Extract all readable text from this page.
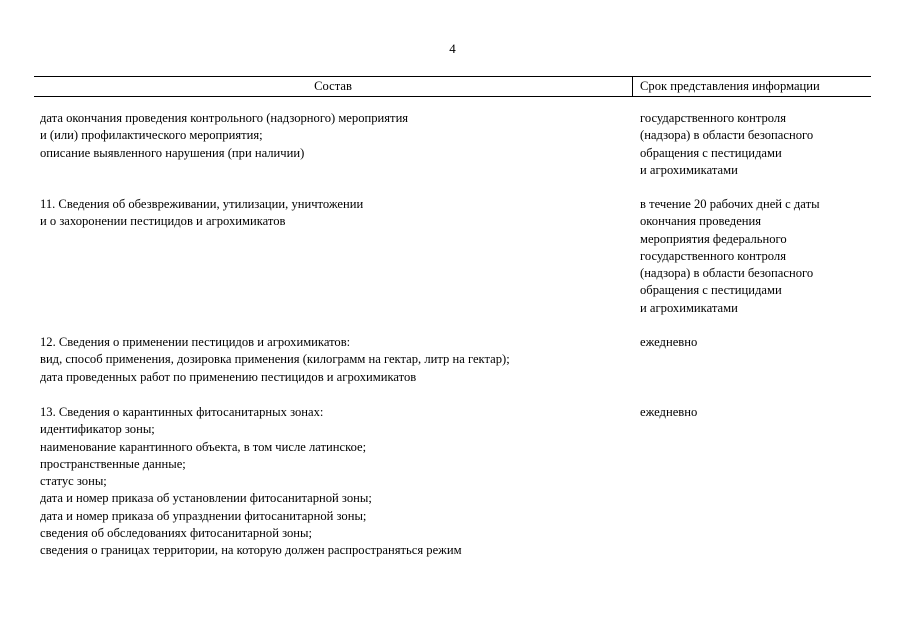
4
Состав	Срок представления информации
дата окончания проведения контрольного (надзорного) мероприятия
и (или) профилактического мероприятия;
описание выявленного нарушения (при наличии)
государственного контроля
(надзора) в области безопасного
обращения с пестицидами
и агрохимикатами
11. Сведения об обезвреживании, утилизации, уничтожении
и о захоронении пестицидов и агрохимикатов
в течение 20 рабочих дней с даты
окончания проведения
мероприятия федерального
государственного контроля
(надзора) в области безопасного
обращения с пестицидами
и агрохимикатами
12. Сведения о применении пестицидов и агрохимикатов:
вид, способ применения, дозировка применения (килограмм на гектар, литр на гектар);
дата проведенных работ по применению пестицидов и агрохимикатов
ежедневно
13. Сведения о карантинных фитосанитарных зонах:
идентификатор зоны;
наименование карантинного объекта, в том числе латинское;
пространственные данные;
статус зоны;
дата и номер приказа об установлении фитосанитарной зоны;
дата и номер приказа об упразднении фитосанитарной зоны;
сведения об обследованиях фитосанитарной зоны;
сведения о границах территории, на которую должен распространяться режим
ежедневно
